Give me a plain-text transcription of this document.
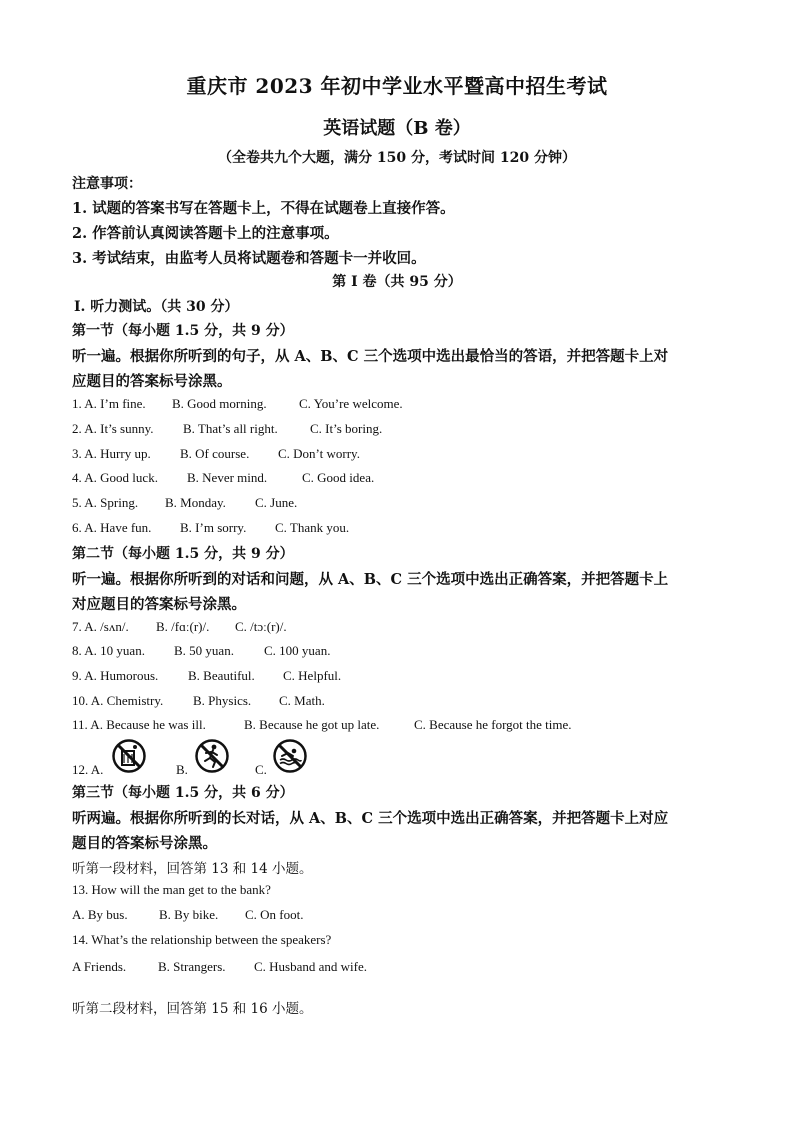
重庆市 2023 年初中学业水平暨高中招生考试
英语试题（B 卷）
（全卷共九个大题，满分 150 分，考试时间 120 分钟）
注意事项：
1. 试题的答案书写在答题卡上，不得在试题卷上直接作答。
2. 作答前认真阅读答题卡上的注意事项。
3. 考试结束，由监考人员将试题卷和答题卡一并收回。
第 I 卷（共 95 分）
Ⅰ. 听力测试。（共 30 分）
第一节（每小题 1.5 分，共 9 分）
听一遍。根据你所听到的句子，从 A、B、C 三个选项中选出最恰当的答语，并把答题卡上对
应题目的答案标号涂黑。
1. A. I’m fine. B. Good morning. C. You’re welcome.
2. A. It’s sunny. B. That’s all right. C. It’s boring.
3. A. Hurry up. B. Of course. C. Don’t worry.
4. A. Good luck. B. Never mind.	C. Good idea.
5. A. Spring. B. Monday. C. June.
6. A. Have fun. B. I’m sorry. C. Thank you.
第二节（每小题 1.5 分，共 9 分）
听一遍。根据你所听到的对话和问题，从 A、B、C 三个选项中选出正确答案，并把答题卡上
对应题目的答案标号涂黑。
7. A. /sʌn/. B. /fɑː(r)/. C. /tɔː(r)/.
8. A. 10 yuan. B. 50 yuan. C. 100 yuan.
9. A. Humorous. B. Beautiful. C. Helpful.
10. A. Chemistry. B. Physics. C. Math.
11. A. Because he was ill.	B. Because he got up late.	C. Because he forgot the time.
12. A.	B.	C.
第三节（每小题 1.5 分，共 6 分）
听两遍。根据你所听到的长对话，从 A、B、C 三个选项中选出正确答案，并把答题卡上对应
题目的答案标号涂黑。
听第一段材料，回答第 13 和 14 小题。
13. How will the man get to the bank?
A. By bus. B. By bike. C. On foot.
14. What’s the relationship between the speakers?
A Friends. B. Strangers. C. Husband and wife.
听第二段材料，回答第 15 和 16 小题。
